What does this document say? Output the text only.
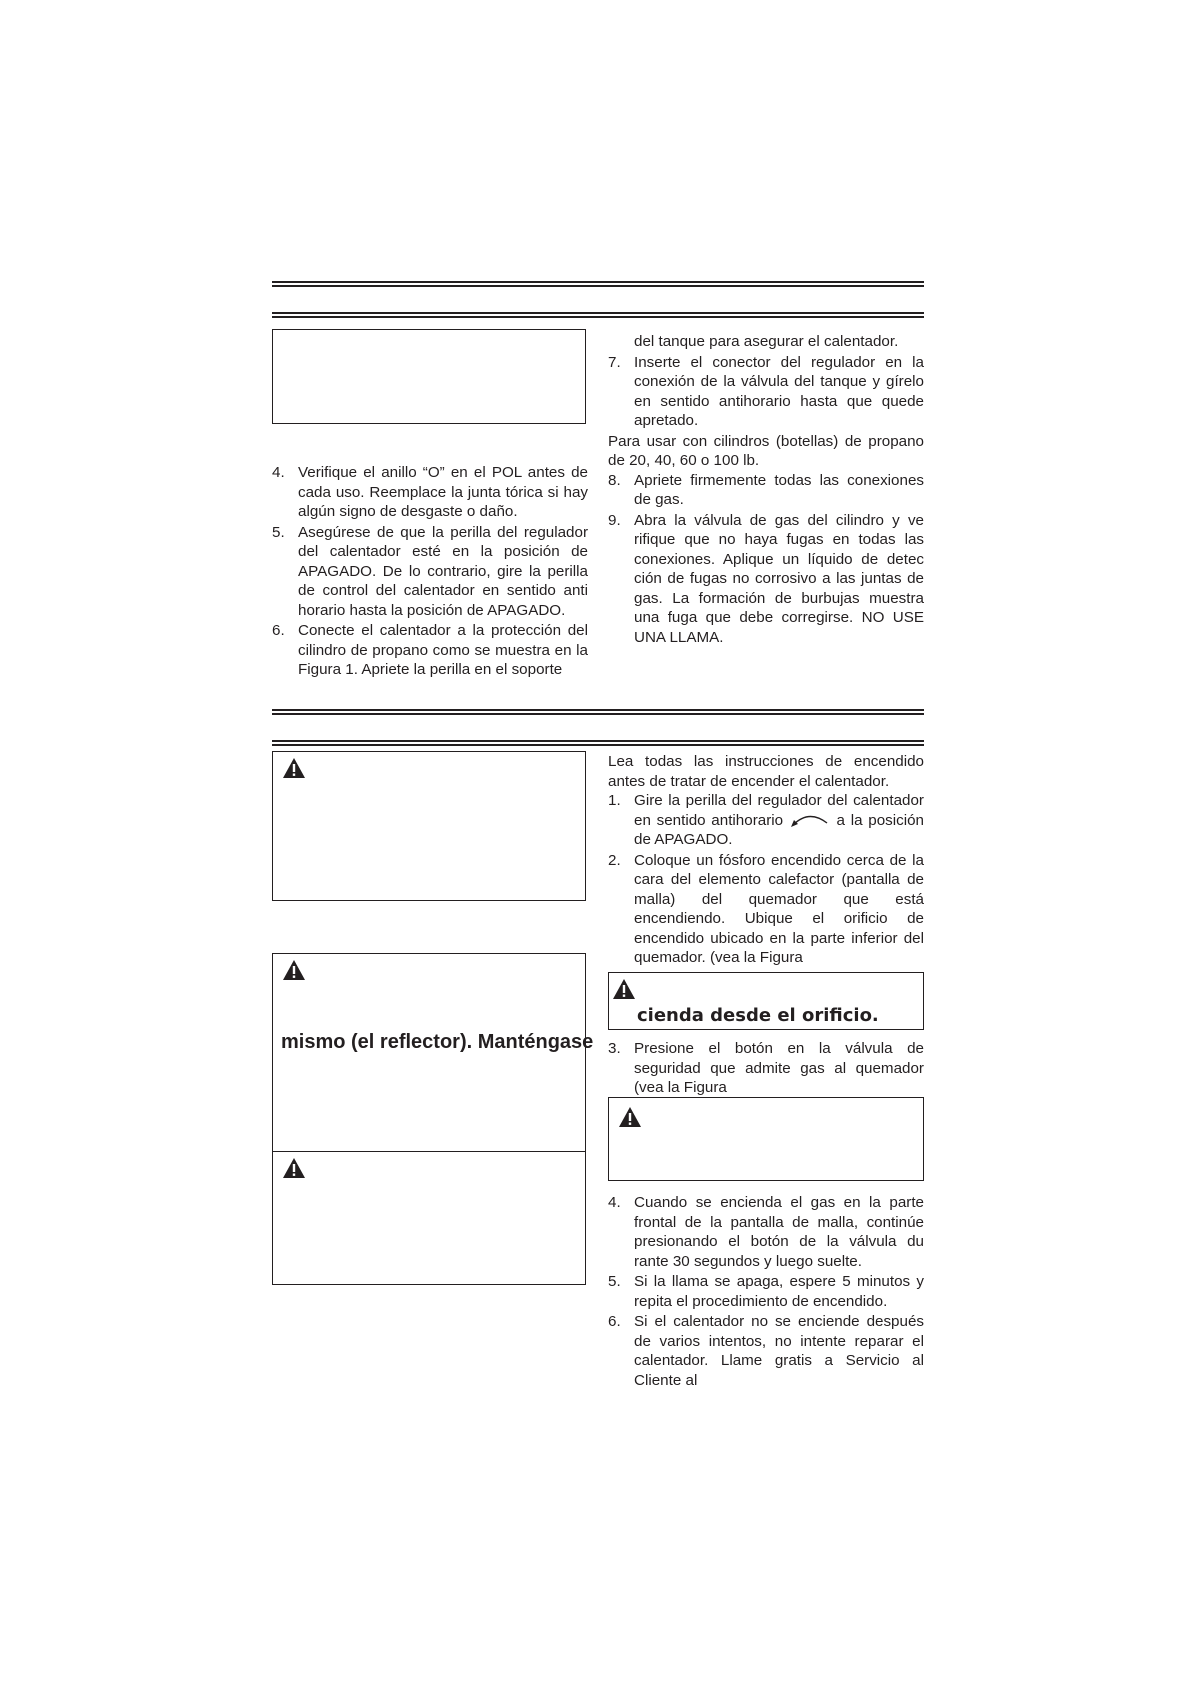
4. Verifique el anillo “O” en el POL antes de cada uso. Reemplace la junta tórica si hay algún signo de desgaste o daño.
5. Asegúrese de que la perilla del regulador del calentador esté en la posición de APAGADO. De lo contrario, gire la perilla de control del calentador en sentido anti horario hasta la posición de APAGADO.
6. Conecte el calentador a la protección del cilindro de propano como se muestra en la Figura 1. Apriete la perilla en el soporte
del tanque para asegurar el calentador.
7. Inserte el conector del regulador en la conexión de la válvula del tanque y gírelo en sentido antihorario hasta que quede apretado.

Para usar con cilindros (botellas) de propano de 20, 40, 60 o 100 lb.

8. Apriete firmemente todas las conexiones de gas.
9. Abra la válvula de gas del cilindro y ve rifique que no haya fugas en todas las conexiones. Aplique un líquido de detec ción de fugas no corrosivo a las juntas de gas. La formación de burbujas muestra una fuga que debe corregirse. NO USE UNA LLAMA.
mismo (el reflector). Manténgase

Lea todas las instrucciones de encendido antes de tratar de encender el calentador.

1. Gire la perilla del regulador del calentador en sentido antihorario	a la posición de APAGADO.
2. Coloque un fósforo encendido cerca de la cara del elemento calefactor (pantalla de malla) del quemador que está encendiendo. Ubique el orificio de encendido ubicado en la parte inferior del quemador. (vea la Figura
cienda desde el orificio.
3. Presione el botón en la válvula de seguridad que admite gas al quemador (vea la Figura
4. Cuando se encienda el gas en la parte frontal de la pantalla de malla, continúe presionando el botón de la válvula du rante 30 segundos y luego suelte.
5. Si la llama se apaga, espere 5 minutos y repita el procedimiento de encendido.
6. Si el calentador no se enciende después de varios intentos, no intente reparar el calentador. Llame gratis a Servicio al Cliente al
